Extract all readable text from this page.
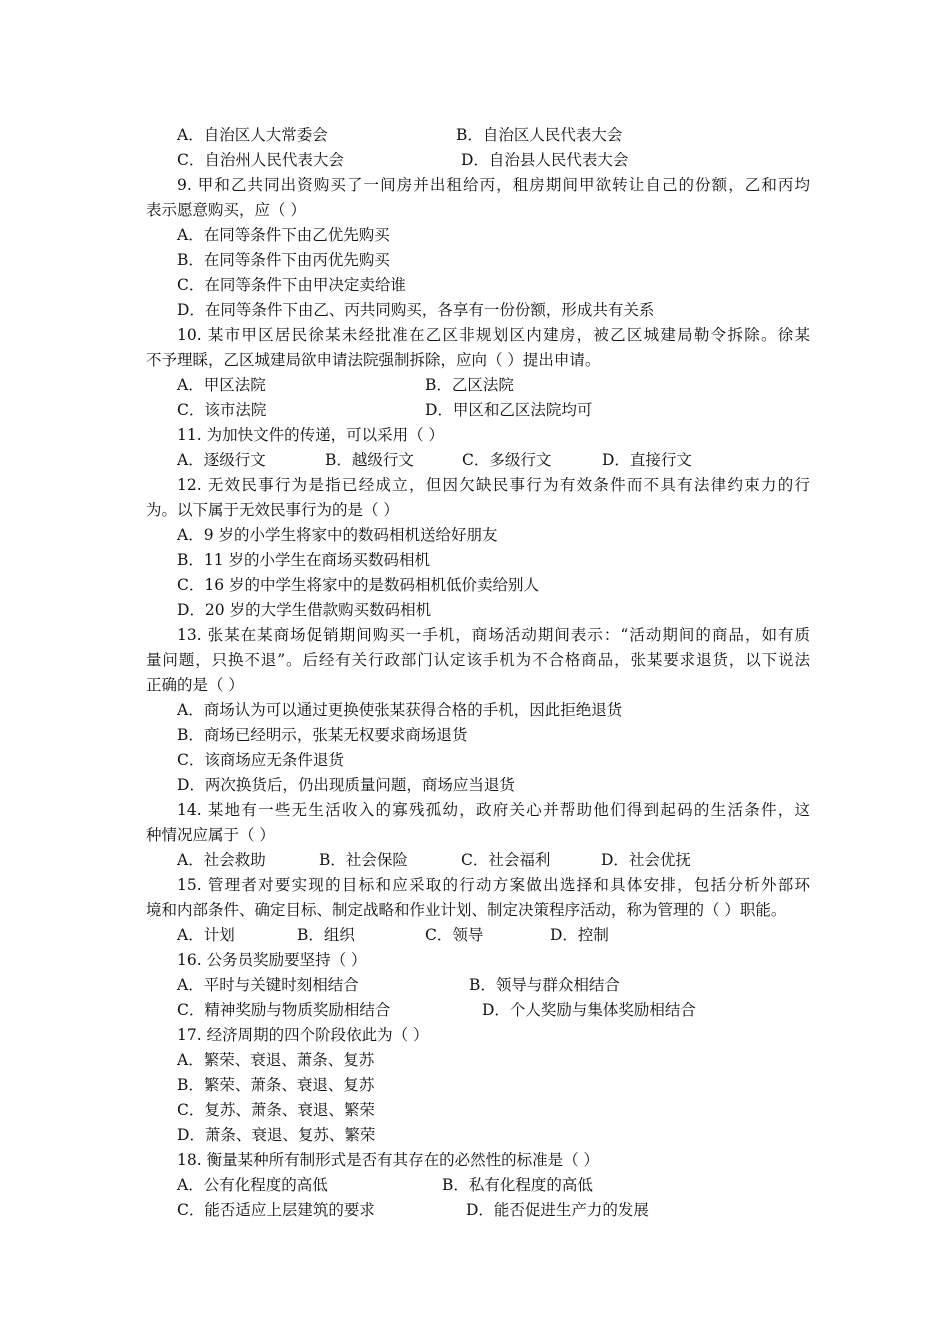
A．自治区人大常委会	B．自治区人民代表大会
C．自治州人民代表大会	D．自治县人民代表大会
9. 甲和乙共同出资购买了一间房并出租给丙，租房期间甲欲转让自己的份额，乙和丙均
表示愿意购买，应（ ）
A．在同等条件下由乙优先购买
B．在同等条件下由丙优先购买
C．在同等条件下由甲决定卖给谁
D．在同等条件下由乙、丙共同购买，各享有一份份额，形成共有关系
10. 某市甲区居民徐某未经批准在乙区非规划区内建房，被乙区城建局勒令拆除。徐某
不予理睬，乙区城建局欲申请法院强制拆除，应向（ ）提出申请。
A．甲区法院	B．乙区法院
C．该市法院	D．甲区和乙区法院均可
11. 为加快文件的传递，可以采用（ ）
A．逐级行文	B．越级行文	C．多级行文	D．直接行文
12. 无效民事行为是指已经成立，但因欠缺民事行为有效条件而不具有法律约束力的行
为。以下属于无效民事行为的是（ ）
A．9 岁的小学生将家中的数码相机送给好朋友
B．11 岁的小学生在商场买数码相机
C．16 岁的中学生将家中的是数码相机低价卖给别人
D．20 岁的大学生借款购买数码相机
13. 张某在某商场促销期间购买一手机，商场活动期间表示：“活动期间的商品，如有质
量问题，只换不退”。后经有关行政部门认定该手机为不合格商品，张某要求退货，以下说法
正确的是（ ）
A．商场认为可以通过更换使张某获得合格的手机，因此拒绝退货
B．商场已经明示，张某无权要求商场退货
C．该商场应无条件退货
D．两次换货后，仍出现质量问题，商场应当退货
14. 某地有一些无生活收入的寡残孤幼，政府关心并帮助他们得到起码的生活条件，这
种情况应属于（ ）
A．社会救助	B．社会保险	C．社会福利	D．社会优抚
15. 管理者对要实现的目标和应采取的行动方案做出选择和具体安排，包括分析外部环
境和内部条件、确定目标、制定战略和作业计划、制定决策程序活动，称为管理的（ ）职能。
A．计划	B．组织	C．领导	D．控制
16. 公务员奖励要坚持（ ）
A．平时与关键时刻相结合	B．领导与群众相结合
C．精神奖励与物质奖励相结合	D．个人奖励与集体奖励相结合
17. 经济周期的四个阶段依此为（ ）
A．繁荣、衰退、萧条、复苏
B．繁荣、萧条、衰退、复苏
C．复苏、萧条、衰退、繁荣
D．萧条、衰退、复苏、繁荣
18. 衡量某种所有制形式是否有其存在的必然性的标准是（ ）
A．公有化程度的高低	B．私有化程度的高低
C．能否适应上层建筑的要求	D．能否促进生产力的发展
